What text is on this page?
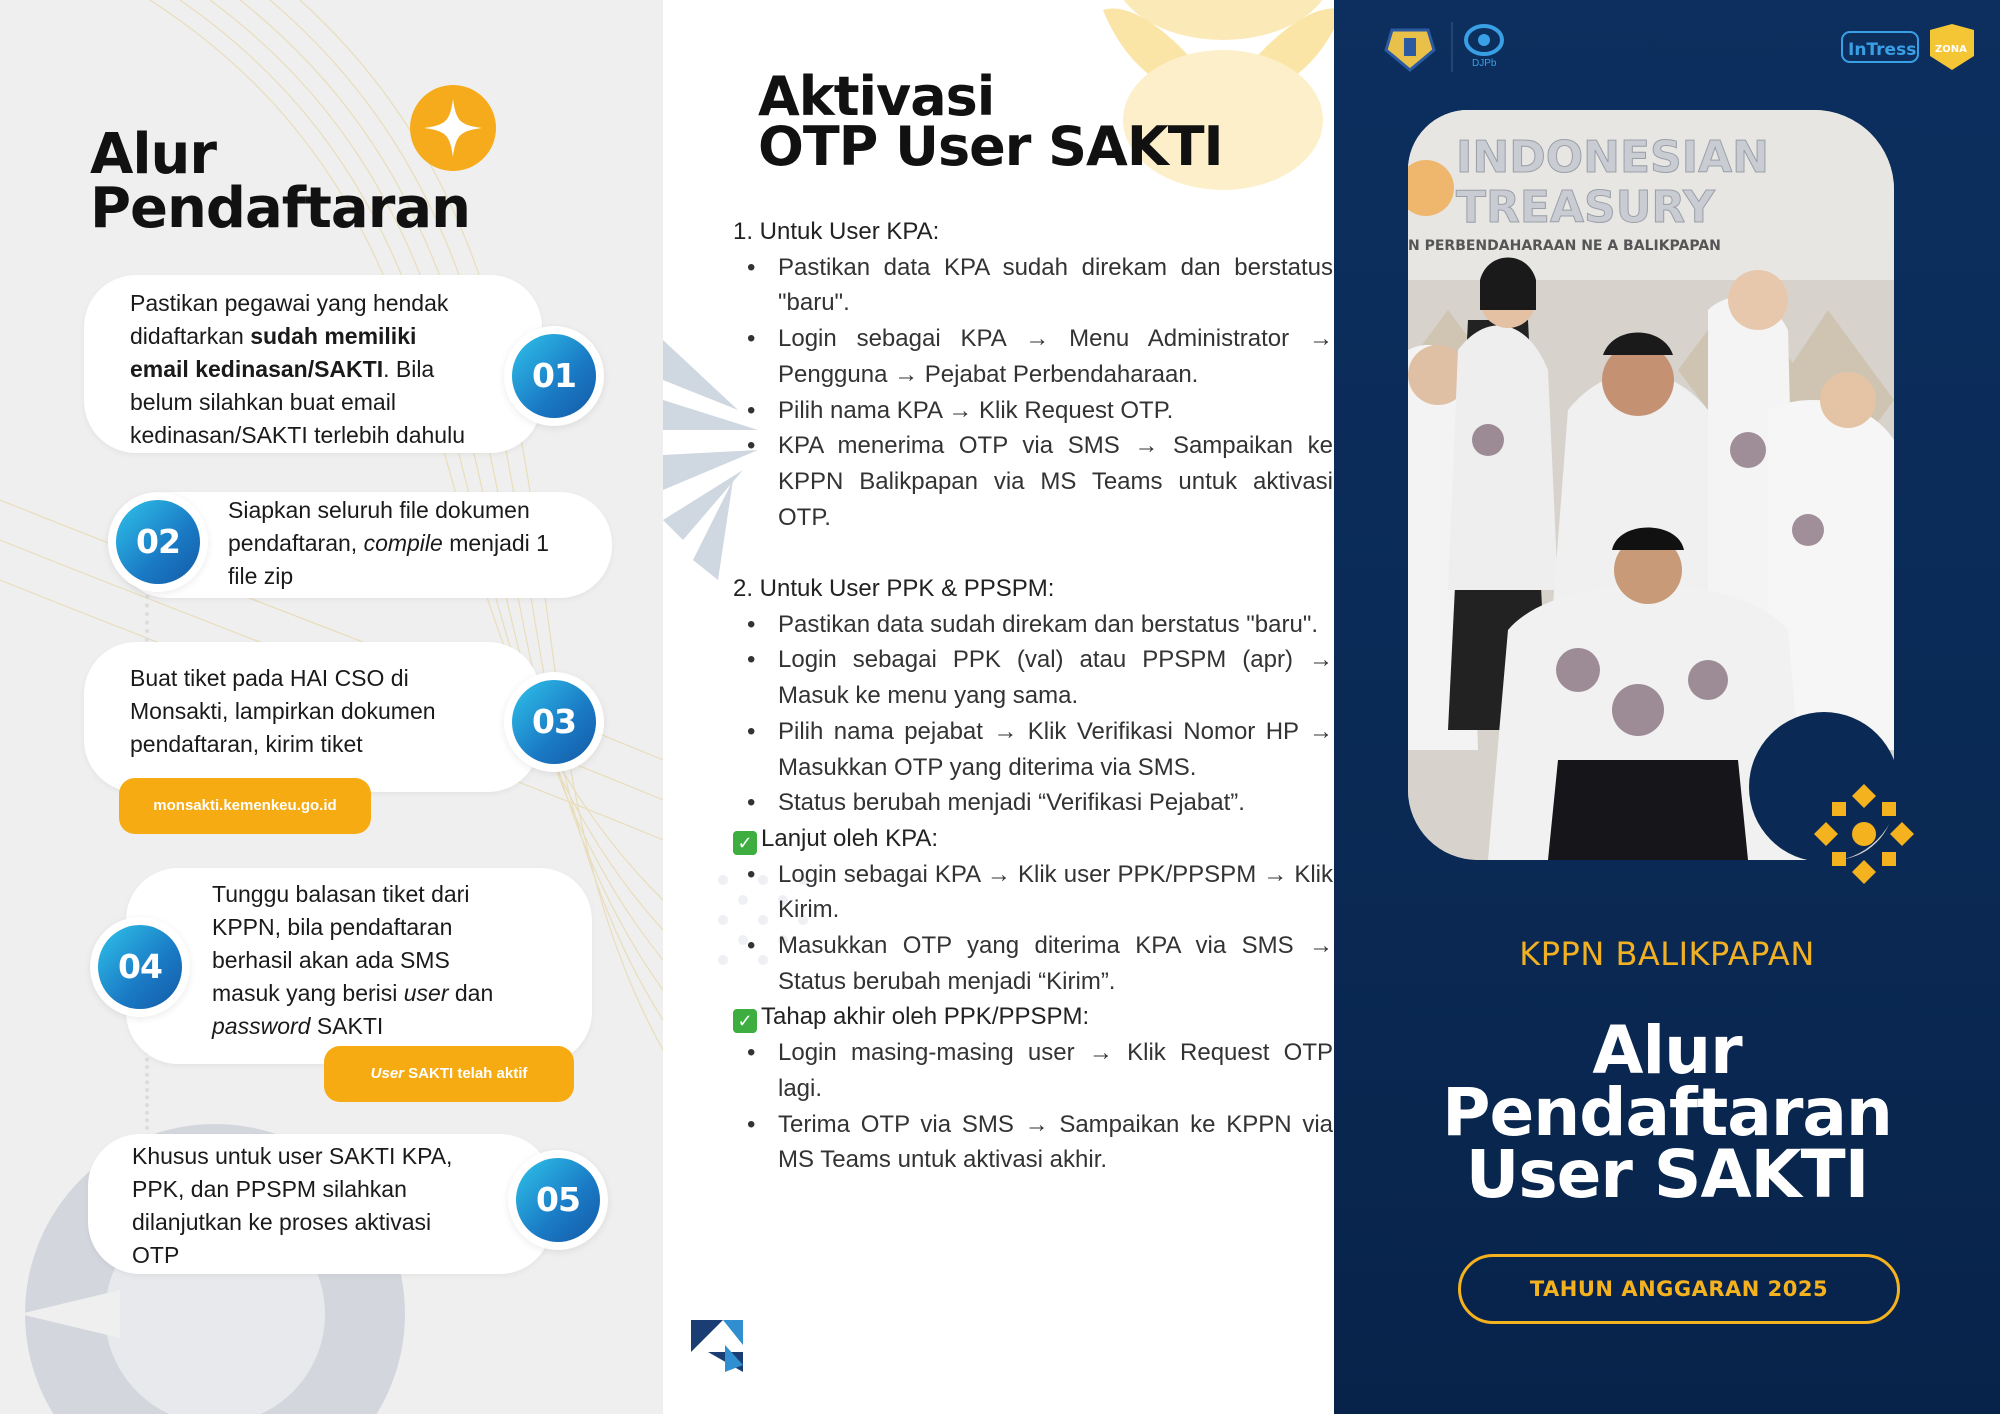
Alur
Pendaftaran

Pastikan pegawai yang hendak
didaftarkan sudah memiliki
email kedinasan/SAKTI. Bila
belum silahkan buat email
kedinasan/SAKTI terlebih dahulu

01

Siapkan seluruh file dokumen
pendaftaran, compile menjadi 1
file zip

02

Buat tiket pada HAI CSO di
Monsakti, lampirkan dokumen
pendaftaran, kirim tiket

03
monsakti.kemenkeu.go.id

Tunggu balasan tiket dari
KPPN, bila pendaftaran
berhasil akan ada SMS
masuk yang berisi user dan
password SAKTI

04
User SAKTI telah aktif

Khusus untuk user SAKTI KPA,
PPK, dan PPSPM silahkan
dilanjutkan ke proses aktivasi
OTP

05
Aktivasi
OTP User SAKTI
1. Untuk User KPA:
• Pastikan data KPA sudah direkam dan berstatus "baru".
• Login sebagai KPA → Menu Administrator → Pengguna → Pejabat Perbendaharaan.
• Pilih nama KPA → Klik Request OTP.
• KPA menerima OTP via SMS → Sampaikan ke KPPN Balikpapan via MS Teams untuk aktivasi OTP.
2. Untuk User PPK & PPSPM:
• Pastikan data sudah direkam dan berstatus "baru".
• Login sebagai PPK (val) atau PPSPM (apr) → Masuk ke menu yang sama.
• Pilih nama pejabat → Klik Verifikasi Nomor HP → Masukkan OTP yang diterima via SMS.
• Status berubah menjadi “Verifikasi Pejabat”.
✓ Lanjut oleh KPA:
• Login sebagai KPA → Klik user PPK/PPSPM → Klik Kirim.
• Masukkan OTP yang diterima KPA via SMS → Status berubah menjadi “Kirim”.
✓ Tahap akhir oleh PPK/PPSPM:
• Login masing-masing user → Klik Request OTP lagi.
• Terima OTP via SMS → Sampaikan ke KPPN via MS Teams untuk aktivasi akhir.
DJPb
InTress ZONA
INDONESIAN
TREASURY
N PERBENDAHARAAN NE A BALIKPAPAN
KPPN BALIKPAPAN
Alur
Pendaftaran
User SAKTI
TAHUN ANGGARAN 2025
